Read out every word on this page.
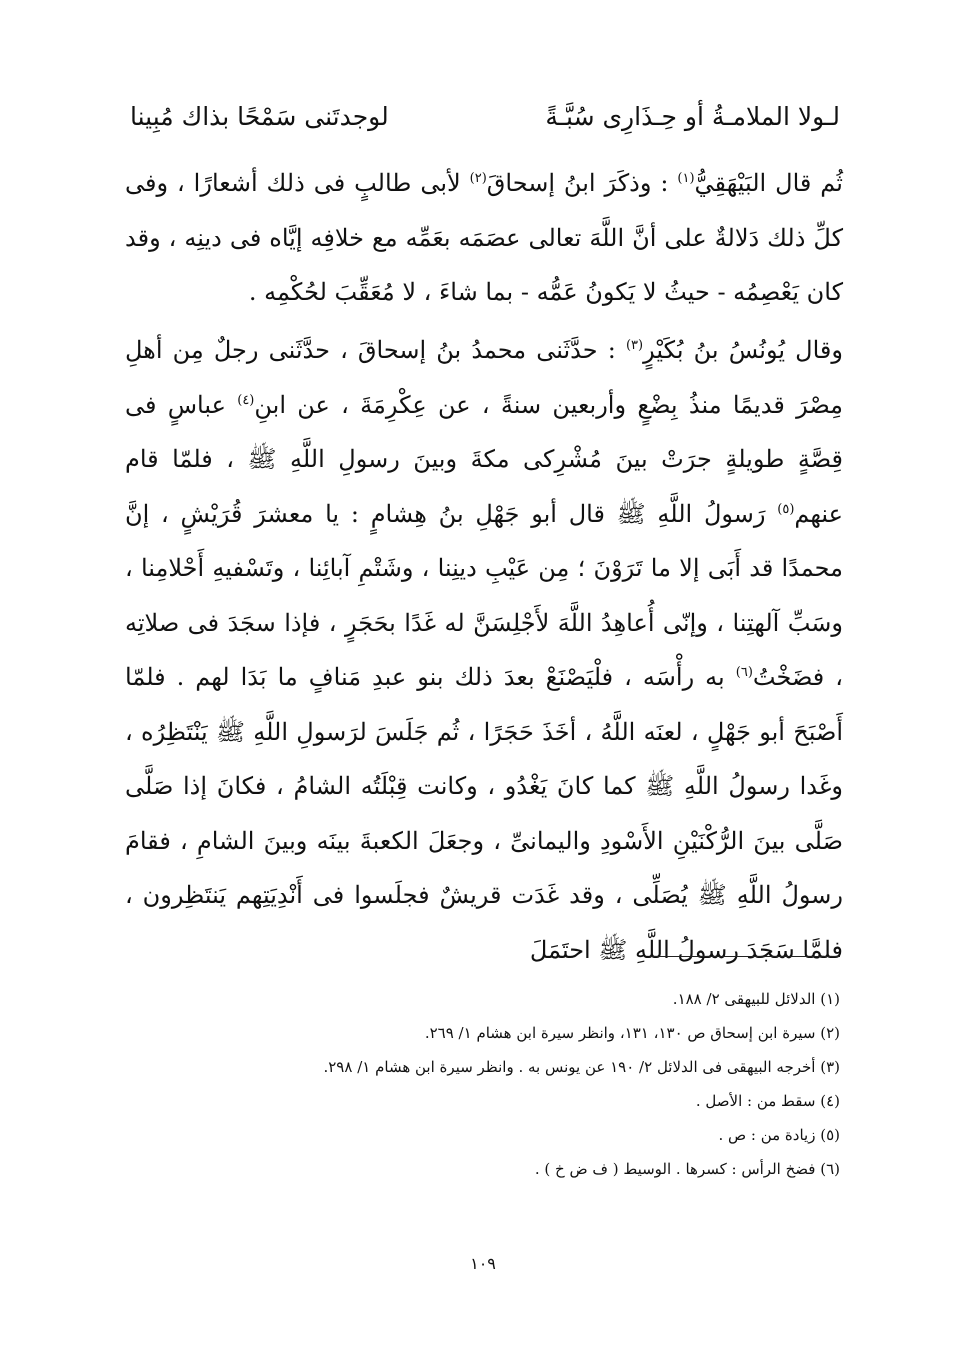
لـولا الملامـةُ أو حِـذَارِى سُبَّـةً
لوجدتَنى سَمْحًا بذاك مُبِينا

ثُم قال البَيْهَقِيُّ$^{(١)}$ : وذكَرَ ابنُ إسحاقَ$^{(٢)}$ لأبى طالبٍ فى ذلك أشعارًا ، وفى كلِّ ذلك دَلالةٌ على أنَّ اللَّهَ تعالى عصَمَه بعَمِّه مع خلافِه إيَّاه فى دينِه ، وقد كان يَعْصِمُه - حيثُ لا يَكونُ عَمُّه - بما شاءَ ، لا مُعَقِّبَ لحُكْمِه .

وقال يُونُسُ بنُ بُكَيْرٍ$^{(٣)}$ : حدَّثَنى محمدُ بنُ إسحاقَ ، حدَّثَنى رجلٌ مِن أهلِ مِصْرَ قديمًا منذُ بِضْعٍ وأربعين سنةً ، عن عِكْرِمَةَ ، عن ابنِ$^{(٤)}$ عباسٍ فى قِصَّةٍ طويلةٍ جرَتْ بينَ مُشْرِكى مكةَ وبينَ رسولِ اللَّهِ ﷺ ، فلمّا قام عنهم$^{(٥)}$ رَسولُ اللَّهِ ﷺ قال أبو جَهْلِ بنُ هِشامٍ : يا معشرَ قُرَيْشٍ ، إنَّ محمدًا قد أَبَى إلا ما تَرَوْنَ ؛ مِن عَيْبِ دينِنا ، وشَتْمِ آبائِنا ، وتَسْفيهِ أَحْلامِنا ، وسَبِّ آلهتِنا ، وإنّى أُعاهِدُ اللَّهَ لأَجْلِسَنَّ له غَدًا بحَجَرٍ ، فإذا سجَدَ فى صلاتِه ، فضَخْتُ$^{(٦)}$ به رأْسَه ، فلْيَصْنَعْ بعدَ ذلك بنو عبدِ مَنافٍ ما بَدَا لهم . فلمّا أَصْبَحَ أبو جَهْلٍ ، لعنَه اللَّهُ ، أخَذَ حَجَرًا ، ثُم جَلَسَ لرَسولِ اللَّهِ ﷺ يَنْتَظِرُه ، وغَدا رسولُ اللَّهِ ﷺ كما كانَ يَغْدُو ، وكانت قِبْلَتُه الشامُ ، فكانَ إذا صَلَّى صَلَّى بينَ الرُّكْنَيْنِ الأَسْودِ واليمانىِّ ، وجعَلَ الكعبةَ بينَه وبينَ الشامِ ، فقامَ رسولُ اللَّهِ ﷺ يُصَلِّى ، وقد غَدَت قريشٌ فجلَسوا فى أَنْدِيَتِهم يَنتَظِرون ، فلمَّا سَجَدَ رسولُ اللَّهِ ﷺ احتَمَلَ

(١) الدلائل للبيهقى ٢/ ١٨٨.
(٢) سيرة ابن إسحاق ص ١٣٠، ١٣١، وانظر سيرة ابن هشام ١/ ٢٦٩.
(٣) أخرجه البيهقى فى الدلائل ٢/ ١٩٠ عن يونس به . وانظر سيرة ابن هشام ١/ ٢٩٨.
(٤) سقط من : الأصل .
(٥) زيادة من : ص .
(٦) فضخ الرأس : كسرها . الوسيط ( ف ض خ ) .
١٠٩
